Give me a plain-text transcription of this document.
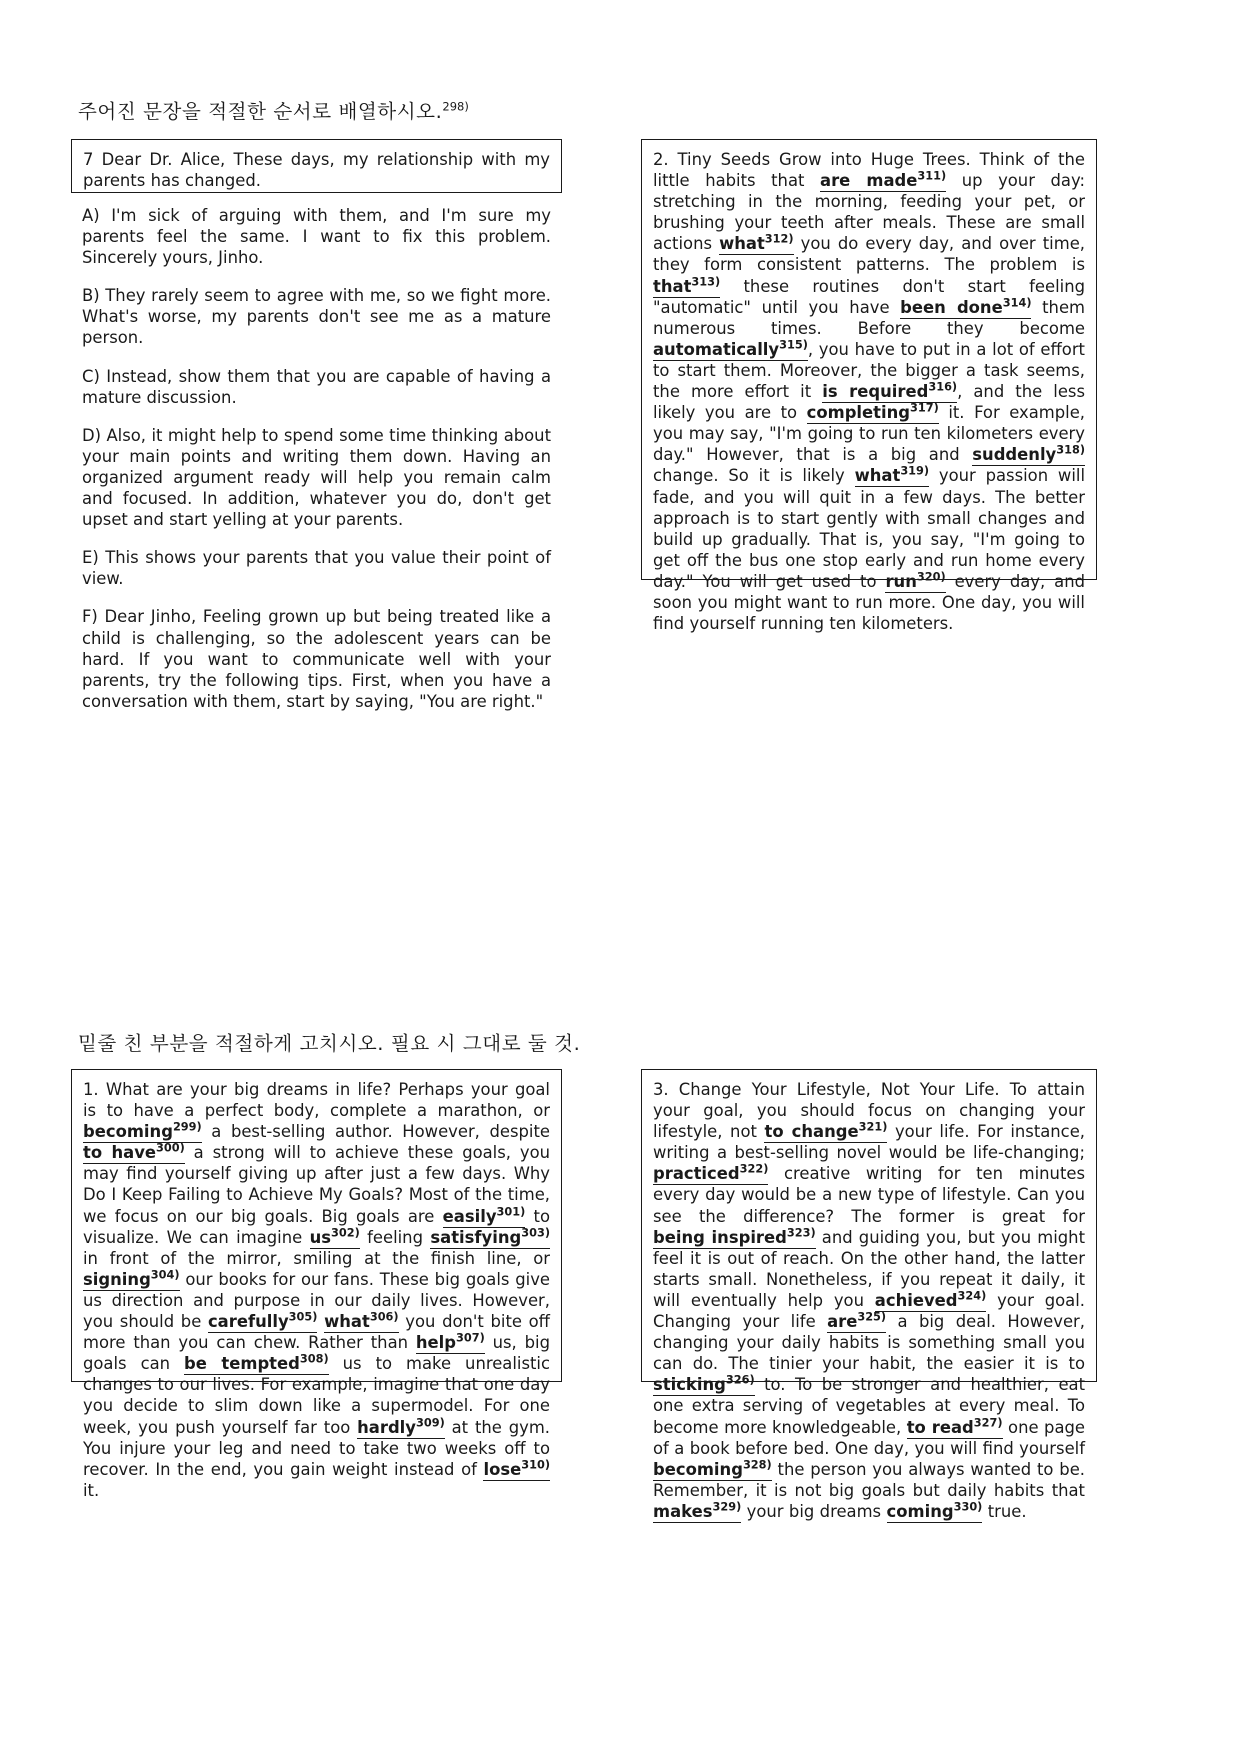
주어진 문장을 적절한 순서로 배열하시오.$^{298)}$
7 Dear Dr. Alice, These days, my relationship with my parents has changed.

A) I'm sick of arguing with them, and I'm sure my parents feel the same. I want to fix this problem. Sincerely yours, Jinho.

B) They rarely seem to agree with me, so we fight more. What's worse, my parents don't see me as a mature person.

C) Instead, show them that you are capable of having a mature discussion.

D) Also, it might help to spend some time thinking about your main points and writing them down. Having an organized argument ready will help you remain calm and focused. In addition, whatever you do, don't get upset and start yelling at your parents.

E) This shows your parents that you value their point of view.

F) Dear Jinho, Feeling grown up but being treated like a child is challenging, so the adolescent years can be hard. If you want to communicate well with your parents, try the following tips. First, when you have a conversation with them, start by saying, "You are right."

2. Tiny Seeds Grow into Huge Trees. Think of the little habits that are made$^{311)}$ up your day: stretching in the morning, feeding your pet, or brushing your teeth after meals. These are small actions what$^{312)}$ you do every day, and over time, they form consistent patterns. The problem is that$^{313)}$ these routines don't start feeling "automatic" until you have been done$^{314)}$ them numerous times. Before they become automatically$^{315)}$, you have to put in a lot of effort to start them. Moreover, the bigger a task seems, the more effort it is required$^{316)}$, and the less likely you are to completing$^{317)}$ it. For example, you may say, "I'm going to run ten kilometers every day." However, that is a big and suddenly$^{318)}$ change. So it is likely what$^{319)}$ your passion will fade, and you will quit in a few days. The better approach is to start gently with small changes and build up gradually. That is, you say, "I'm going to get off the bus one stop early and run home every day." You will get used to run$^{320)}$ every day, and soon you might want to run more. One day, you will find yourself running ten kilometers.
밑줄 친 부분을 적절하게 고치시오. 필요 시 그대로 둘 것.
1. What are your big dreams in life? Perhaps your goal is to have a perfect body, complete a marathon, or becoming$^{299)}$ a best-selling author. However, despite to have$^{300)}$ a strong will to achieve these goals, you may find yourself giving up after just a few days. Why Do I Keep Failing to Achieve My Goals? Most of the time, we focus on our big goals. Big goals are easily$^{301)}$ to visualize. We can imagine $us^{302)}$ feeling satisfying$^{303)}$ in front of the mirror, smiling at the finish line, or signing$^{304)}$ our books for our fans. These big goals give us direction and purpose in our daily lives. However, you should be carefully$^{305)}$ what$^{306)}$ you don't bite off more than you can chew. Rather than help$^{307)}$ us, big goals can be tempted$^{308)}$ us to make unrealistic changes to our lives. For example, imagine that one day you decide to slim down like a supermodel. For one week, you push yourself far too hardly$^{309)}$ at the gym. You injure your leg and need to take two weeks off to recover. In the end, you gain weight instead of lose$^{310)}$ it.
3. Change Your Lifestyle, Not Your Life. To attain your goal, you should focus on changing your lifestyle, not to change$^{321)}$ your life. For instance, writing a best-selling novel would be life-changing; practiced$^{322)}$ creative writing for ten minutes every day would be a new type of lifestyle. Can you see the difference? The former is great for being inspired$^{323)}$ and guiding you, but you might feel it is out of reach. On the other hand, the latter starts small. Nonetheless, if you repeat it daily, it will eventually help you achieved$^{324)}$ your goal. Changing your life are$^{325)}$ a big deal. However, changing your daily habits is something small you can do. The tinier your habit, the easier it is to sticking$^{326)}$ to. To be stronger and healthier, eat one extra serving of vegetables at every meal. To become more knowledgeable, to read$^{327)}$ one page of a book before bed. One day, you will find yourself becoming$^{328)}$ the person you always wanted to be. Remember, it is not big goals but daily habits that makes$^{329)}$ your big dreams coming$^{330)}$ true.
